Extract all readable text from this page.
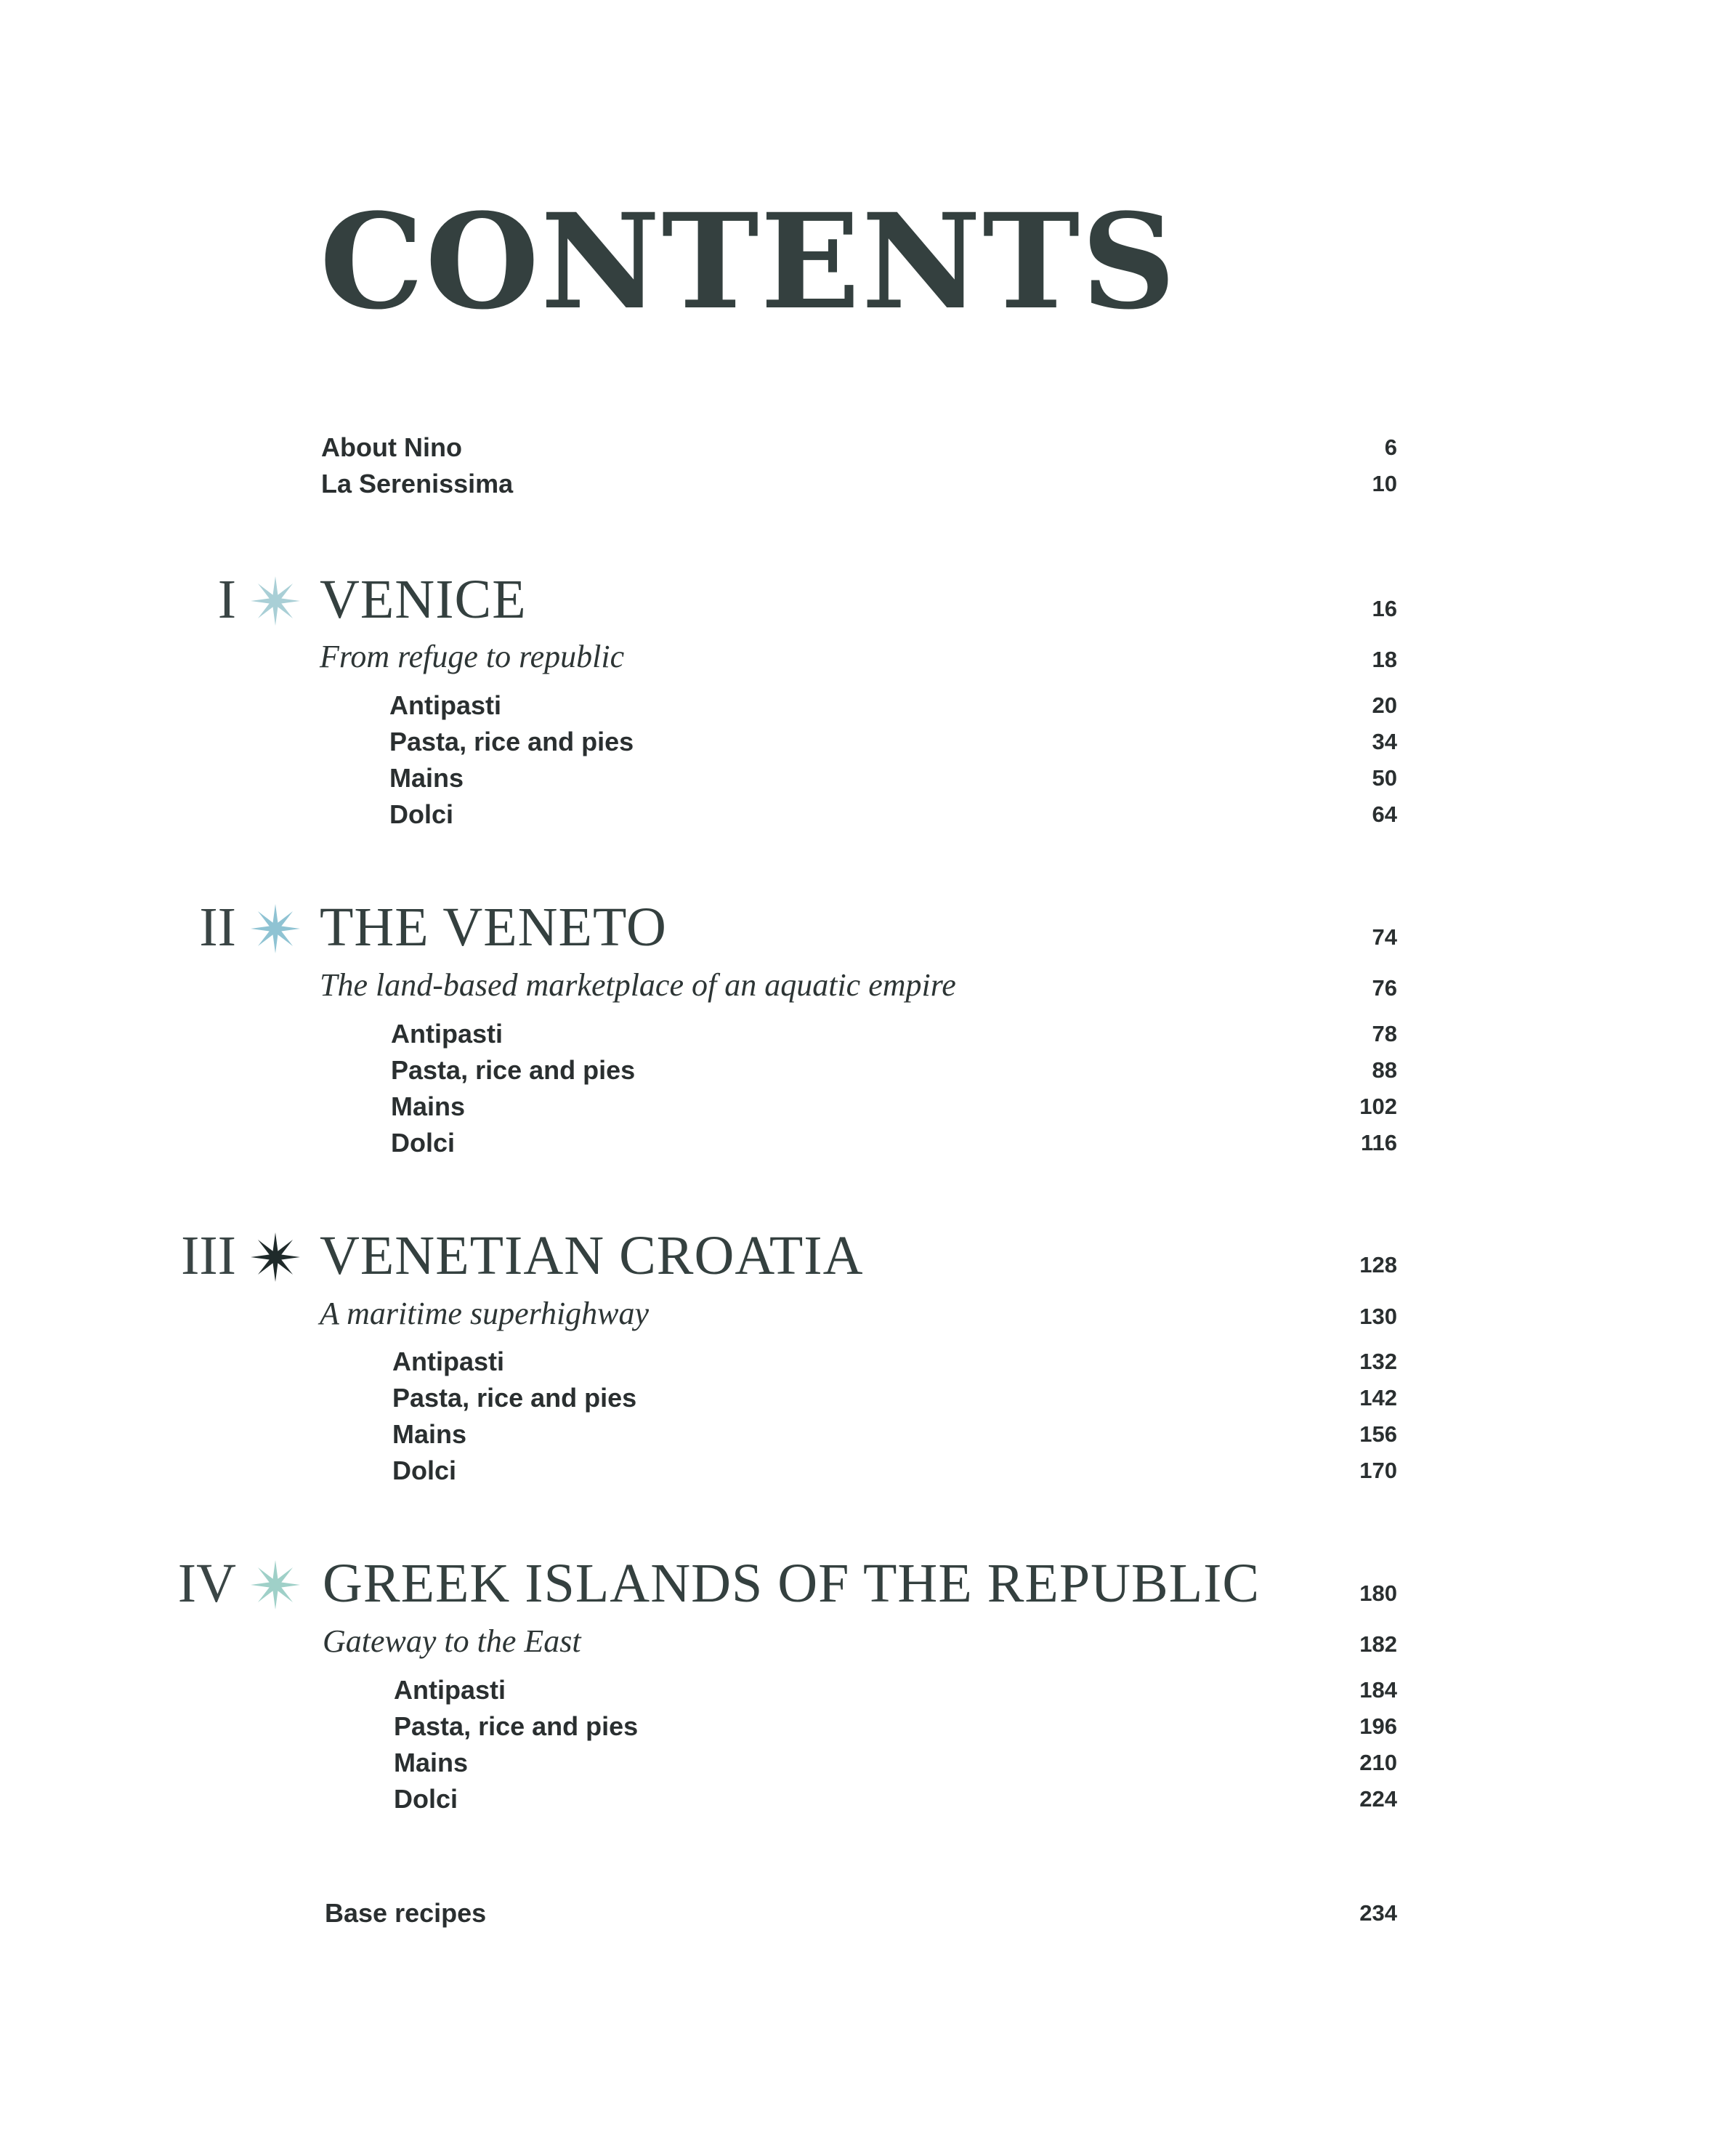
CONTENTS
About Nino	6
La Serenissima	10
I VENICE	16
From refuge to republic	18
Antipasti	20
Pasta, rice and pies	34
Mains	50
Dolci	64
II THE VENETO	74
The land-based marketplace of an aquatic empire	76
Antipasti	78
Pasta, rice and pies	88
Mains	102
Dolci	116
III VENETIAN CROATIA	128
A maritime superhighway	130
Antipasti	132
Pasta, rice and pies	142
Mains	156
Dolci	170
IV GREEK ISLANDS OF THE REPUBLIC	180
Gateway to the East	182
Antipasti	184
Pasta, rice and pies	196
Mains	210
Dolci	224
Base recipes	234
